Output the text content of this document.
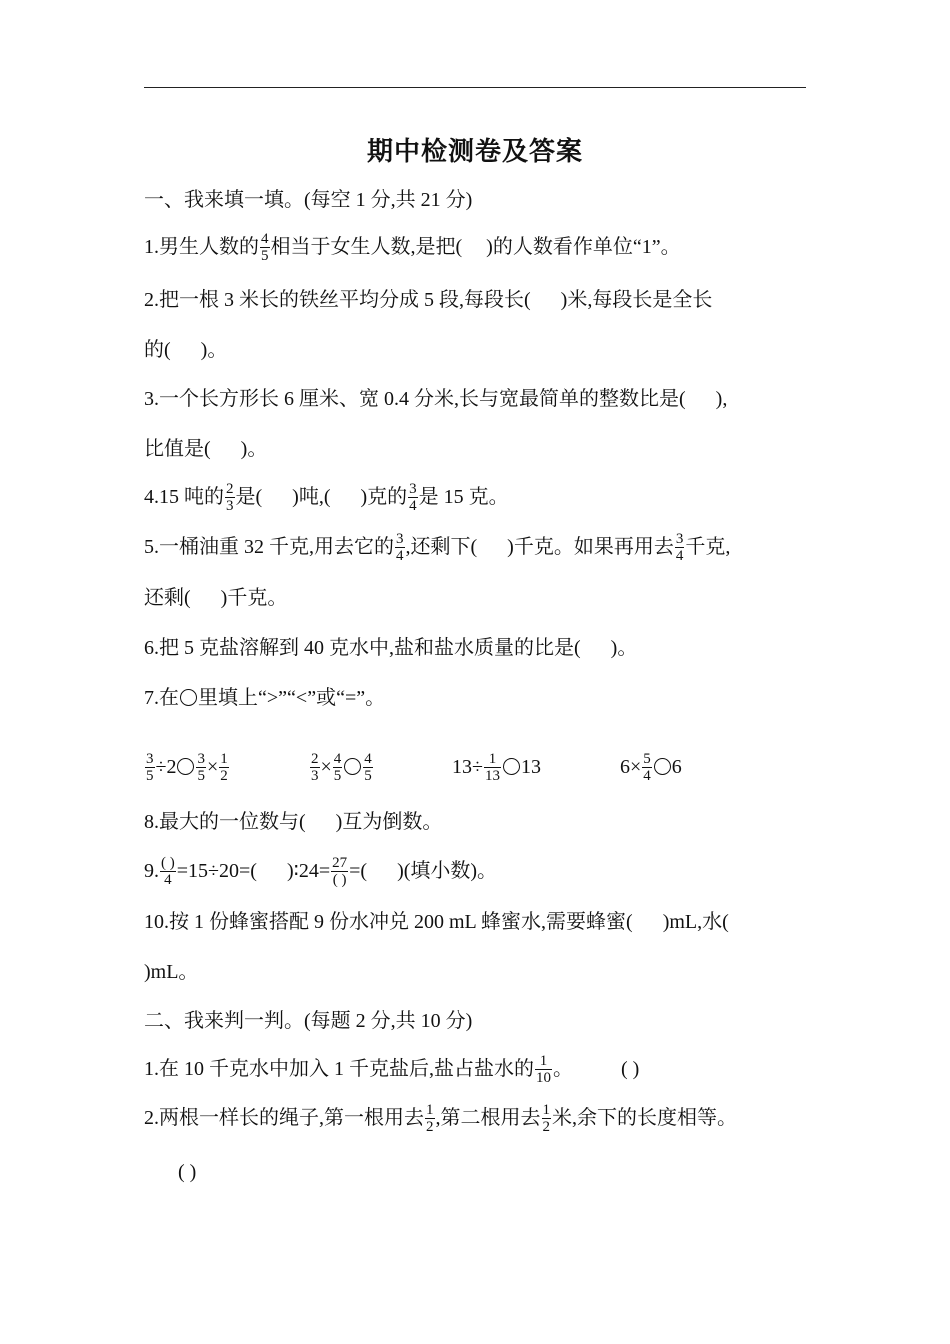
期中检测卷及答案
一、我来填一填。(每空 1 分,共 21 分)
1.男生人数的 $\frac{4}{5}$ 相当于女生人数,是把( )的人数看作单位“1”。
2.把一根 3 米长的铁丝平均分成 5 段,每段长( )米,每段长是全长
的( )。
3.一个长方形长 6 厘米、宽 0.4 分米,长与宽最简单的整数比是( ),
比值是( )。
4.15 吨的 $\frac{2}{3}$ 是( )吨,( )克的 $\frac{3}{4}$ 是 15 克。
5.一桶油重 32 千克,用去它的 $\frac{3}{4}$ ,还剩下( )千克。如果再用去 $\frac{3}{4}$ 千克,
还剩( )千克。
6.把 5 克盐溶解到 40 克水中,盐和盐水质量的比是( )。
7.在 里填上“>”“<”或“=”。
$\frac{3}{5} \div 2 \frac{3}{5} \times \frac{1}{2}$	$\frac{2}{3} \times \frac{4}{5} \frac{4}{5}$	$13\div \frac{1}{13} 13$	$6\times \frac{5}{4} 6$
8.最大的一位数与( )互为倒数。
9. $\frac{( )}{4} =15\div 20=$( )∶24= $\frac{27}{( )}$ =( )(填小数)。
10.按 1 份蜂蜜搭配 9 份水冲兑 200 mL 蜂蜜水,需要蜂蜜( )mL,水(
)mL。
二、我来判一判。(每题 2 分,共 10 分)
1.在 10 千克水中加入 1 千克盐后,盐占盐水的 $\frac{1}{10}$ 。 ( )
2.两根一样长的绳子,第一根用去 $\frac{1}{2}$ ,第二根用去 $\frac{1}{2}$ 米,余下的长度相等。
( )
